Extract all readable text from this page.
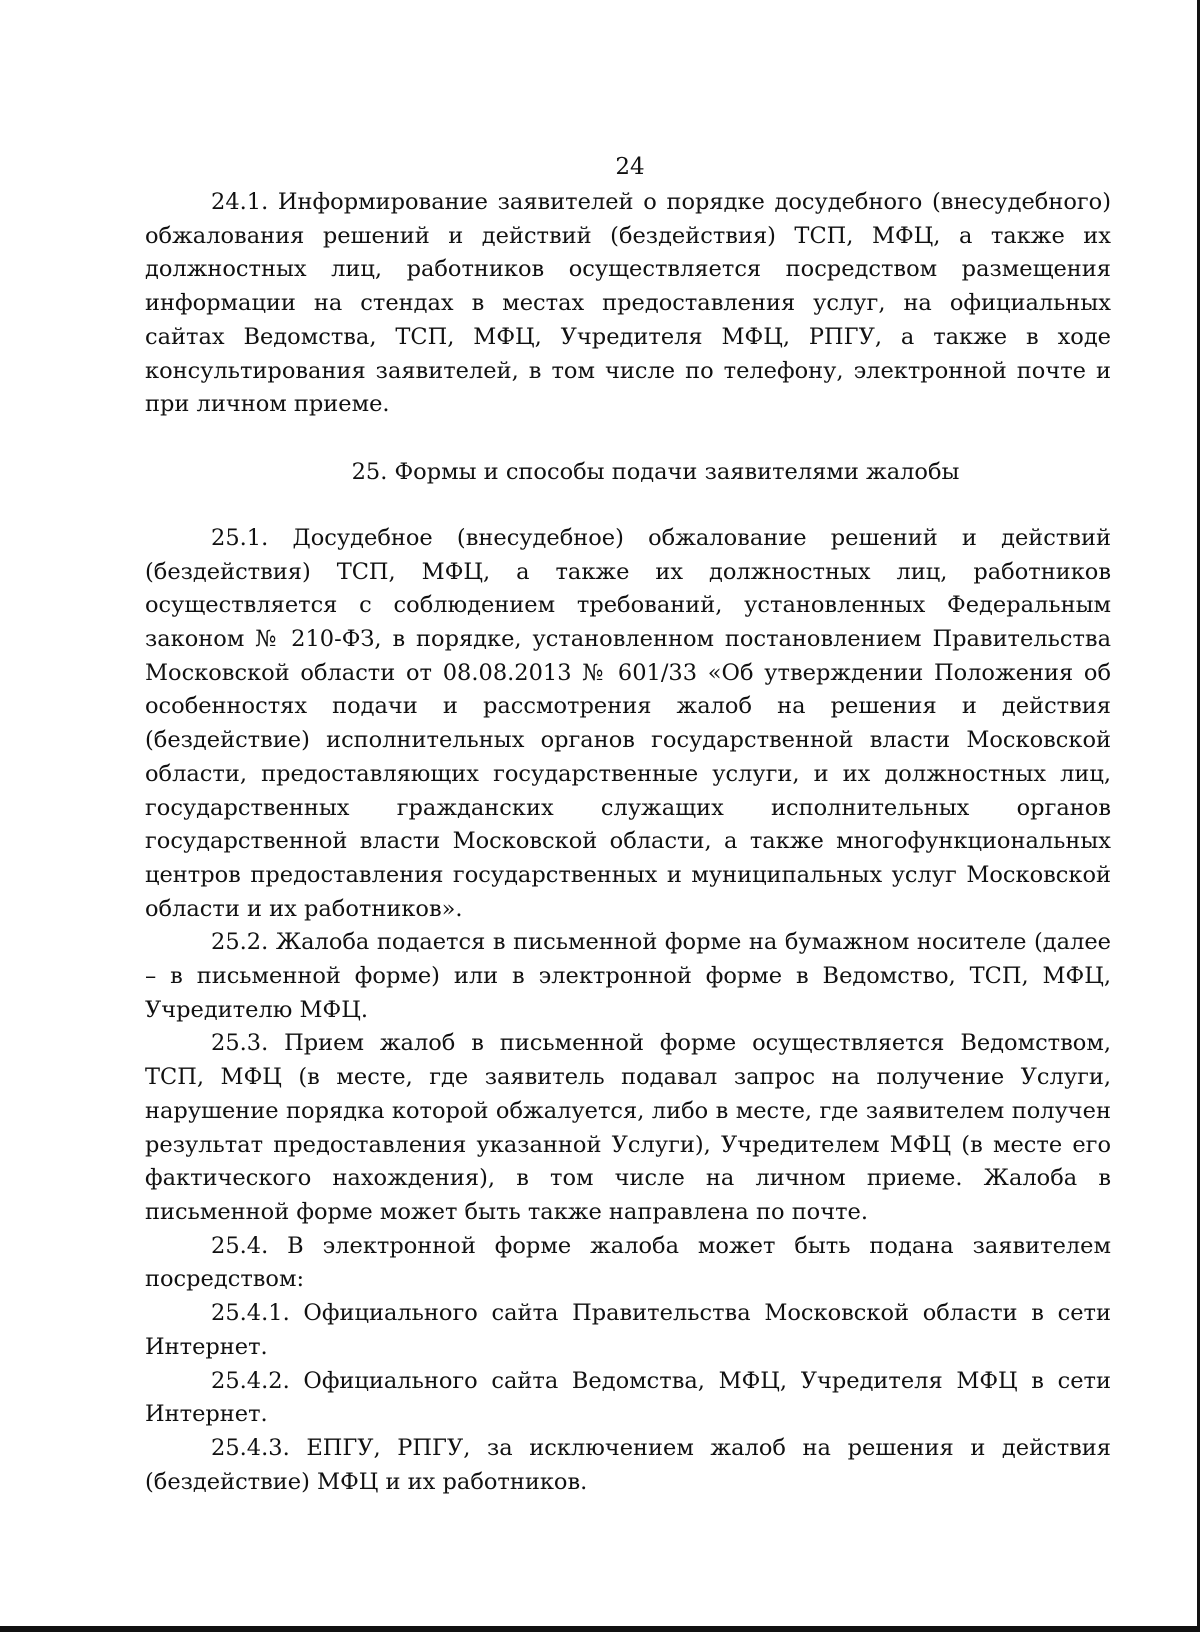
24

24.1. Информирование заявителей о порядке досудебного (внесудебного) обжалования решений и действий (бездействия) ТСП, МФЦ, а также их должностных лиц, работников осуществляется посредством размещения информации на стендах в местах предоставления услуг, на официальных сайтах Ведомства, ТСП, МФЦ, Учредителя МФЦ, РПГУ, а также в ходе консультирования заявителей, в том числе по телефону, электронной почте и при личном приеме.

25. Формы и способы подачи заявителями жалобы

25.1. Досудебное (внесудебное) обжалование решений и действий (бездействия) ТСП, МФЦ, а также их должностных лиц, работников осуществляется с соблюдением требований, установленных Федеральным законом № 210-ФЗ, в порядке, установленном постановлением Правительства Московской области от 08.08.2013 № 601/33 «Об утверждении Положения об особенностях подачи и рассмотрения жалоб на решения и действия (бездействие) исполнительных органов государственной власти Московской области, предоставляющих государственные услуги, и их должностных лиц, государственных гражданских служащих исполнительных органов государственной власти Московской области, а также многофункциональных центров предоставления государственных и муниципальных услуг Московской области и их работников».

25.2. Жалоба подается в письменной форме на бумажном носителе (далее – в письменной форме) или в электронной форме в Ведомство, ТСП, МФЦ, Учредителю МФЦ.

25.3. Прием жалоб в письменной форме осуществляется Ведомством, ТСП, МФЦ (в месте, где заявитель подавал запрос на получение Услуги, нарушение порядка которой обжалуется, либо в месте, где заявителем получен результат предоставления указанной Услуги), Учредителем МФЦ (в месте его фактического нахождения), в том числе на личном приеме. Жалоба в письменной форме может быть также направлена по почте.

25.4. В электронной форме жалоба может быть подана заявителем посредством:

25.4.1. Официального сайта Правительства Московской области в сети Интернет.

25.4.2. Официального сайта Ведомства, МФЦ, Учредителя МФЦ в сети Интернет.

25.4.3. ЕПГУ, РПГУ, за исключением жалоб на решения и действия (бездействие) МФЦ и их работников.
